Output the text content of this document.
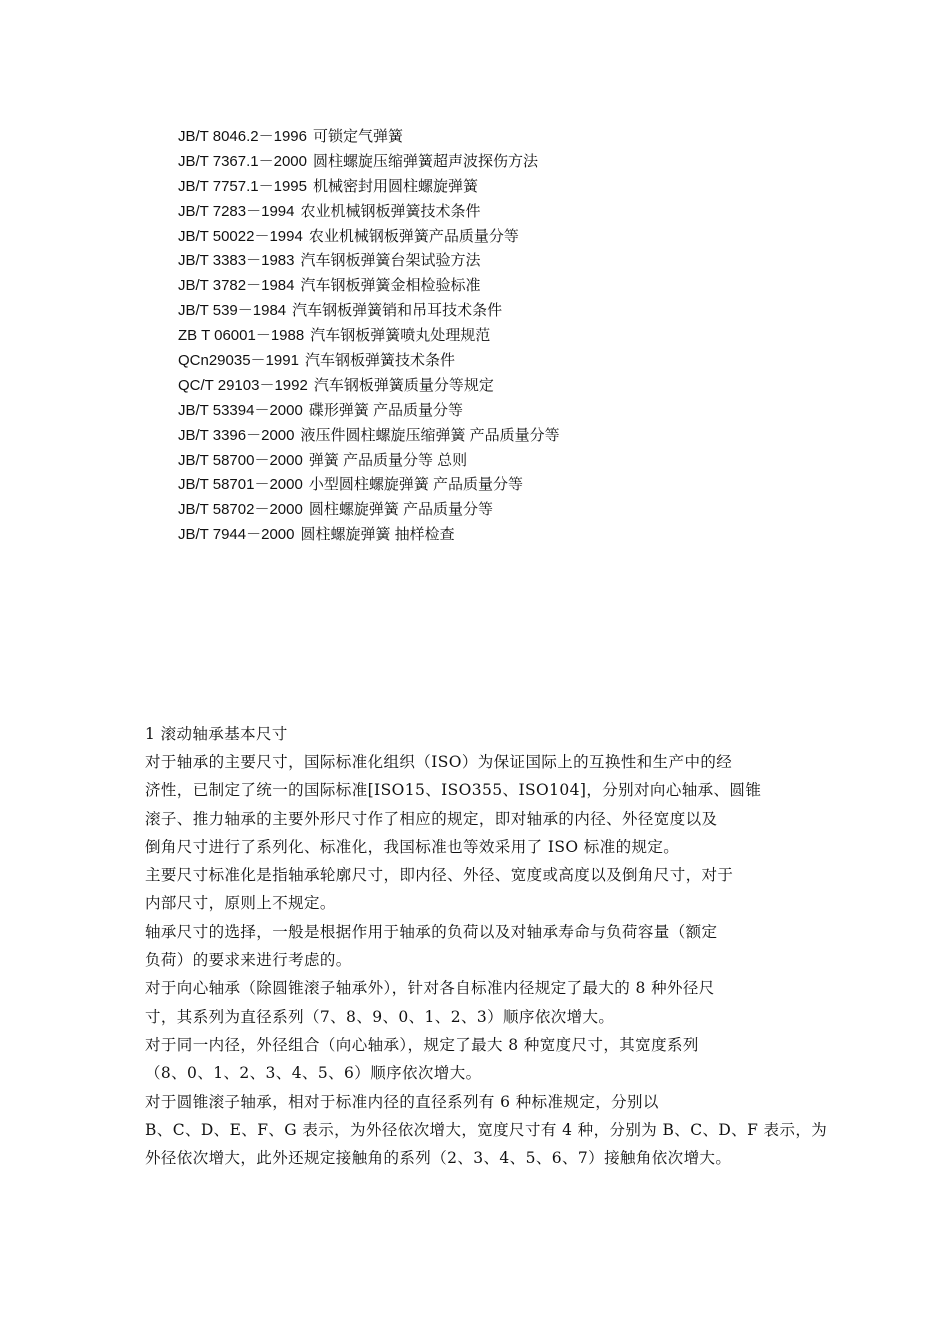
JB/T 8046.2－1996 可锁定气弹簧
JB/T 7367.1－2000 圆柱螺旋压缩弹簧超声波探伤方法
JB/T 7757.1－1995 机械密封用圆柱螺旋弹簧
JB/T 7283－1994 农业机械钢板弹簧技术条件
JB/T 50022－1994 农业机械钢板弹簧产品质量分等
JB/T 3383－1983 汽车钢板弹簧台架试验方法
JB/T 3782－1984 汽车钢板弹簧金相检验标准
JB/T 539－1984 汽车钢板弹簧销和吊耳技术条件
ZB T 06001－1988 汽车钢板弹簧喷丸处理规范
QCn29035－1991 汽车钢板弹簧技术条件
QC/T 29103－1992 汽车钢板弹簧质量分等规定
JB/T 53394－2000 碟形弹簧 产品质量分等
JB/T 3396－2000 液压件圆柱螺旋压缩弹簧 产品质量分等
JB/T 58700－2000 弹簧 产品质量分等 总则
JB/T 58701－2000 小型圆柱螺旋弹簧 产品质量分等
JB/T 58702－2000 圆柱螺旋弹簧 产品质量分等
JB/T 7944－2000 圆柱螺旋弹簧 抽样检查
1 滚动轴承基本尺寸
对于轴承的主要尺寸，国际标准化组织（ISO）为保证国际上的互换性和生产中的经
济性，已制定了统一的国际标准[ISO15、ISO355、ISO104]，分别对向心轴承、圆锥
滚子、推力轴承的主要外形尺寸作了相应的规定，即对轴承的内径、外径宽度以及
倒角尺寸进行了系列化、标准化，我国标准也等效采用了 ISO 标准的规定。
主要尺寸标准化是指轴承轮廓尺寸，即内径、外径、宽度或高度以及倒角尺寸，对于
内部尺寸，原则上不规定。
轴承尺寸的选择，一般是根据作用于轴承的负荷以及对轴承寿命与负荷容量（额定
负荷）的要求来进行考虑的。
对于向心轴承（除圆锥滚子轴承外），针对各自标准内径规定了最大的 8 种外径尺
寸，其系列为直径系列（7、8、9、0、1、2、3）顺序依次增大。
对于同一内径，外径组合（向心轴承），规定了最大 8 种宽度尺寸，其宽度系列
（8、0、1、2、3、4、5、6）顺序依次增大。
对于圆锥滚子轴承，相对于标准内径的直径系列有 6 种标准规定，分别以
B、C、D、E、F、G 表示，为外径依次增大，宽度尺寸有 4 种，分别为 B、C、D、F 表示，为
外径依次增大，此外还规定接触角的系列（2、3、4、5、6、7）接触角依次增大。
